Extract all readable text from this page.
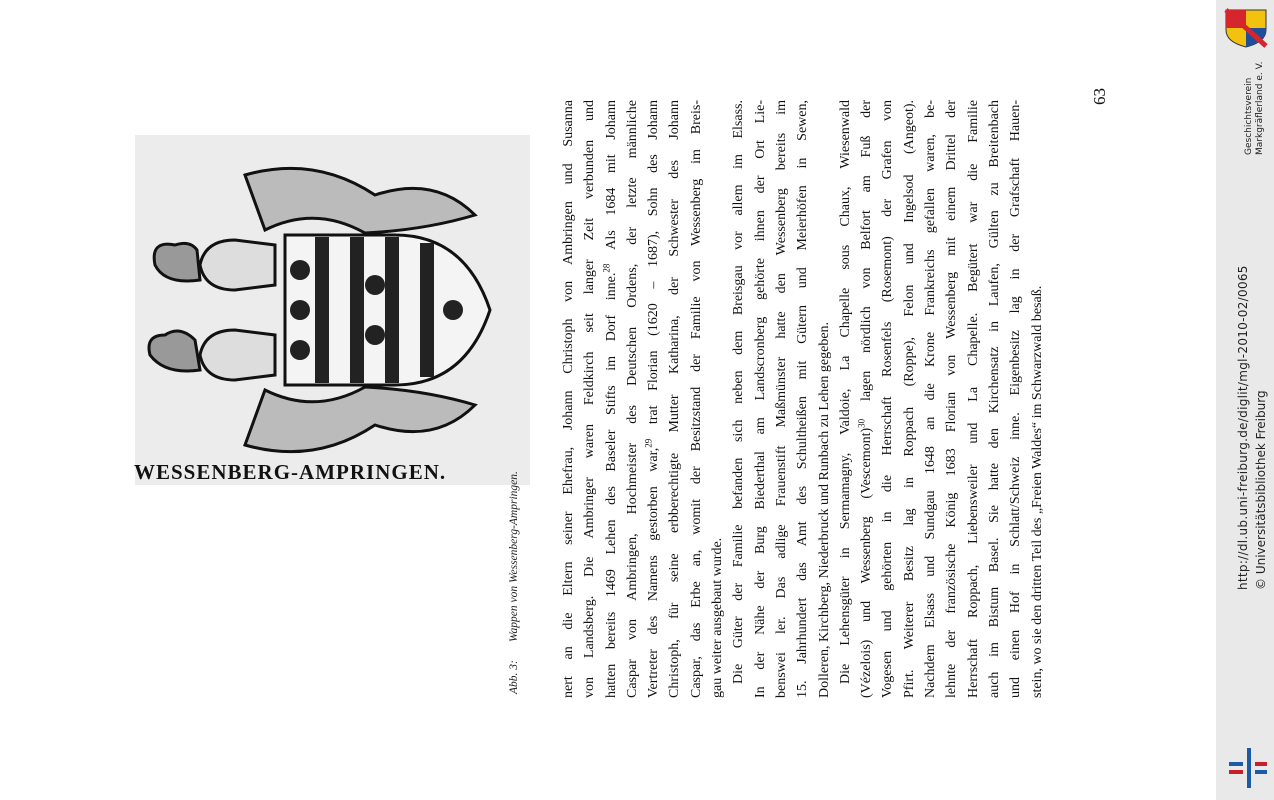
WESSENBERG-AMPRINGEN.
Abb. 3:Wappen von Wessenberg-Ampringen.	nert an die Eltern seiner Ehefrau, Johann Christoph von Ambringen und Susanna von Landsberg. Die Ambringer waren Feldkirch seit langer Zeit verbunden und hatten bereits 1469 Lehen des Baseler Stifts im Dorf inne.$^{28}$ Als 1684 mit Johann Caspar von Ambringen, Hochmeister des Deutschen Ordens, der letzte männliche Vertreter des Namens gestorben war,$^{29}$ trat Florian (1620 – 1687), Sohn des Johann Christoph, für seine erbberechtigte Mutter Katharina, der Schwester des Johann Caspar, das Erbe an, womit der Besitzstand der Familie von Wessenberg im Breis- gau weiter ausgebaut wurde. Die Güter der Familie befanden sich neben dem Breisgau vor allem im Elsass. In der Nähe der Burg Biederthal am Landscronberg gehörte ihnen der Ort Lie- benswei ler. Das adlige Frauenstift Maßmünster hatte den Wessenberg bereits im 15. Jahrhundert das Amt des Schultheißen mit Gütern und Meierhöfen in Sewen, Dolleren, Kirchberg, Niederbruck und Runbach zu Lehen gegeben. Die Lehensgüter in Sermamagny, Valdoie, La Chapelle sous Chaux, Wiesenwald (Vézelois) und Wessenberg (Vescemont)$^{30}$ lagen nördlich von Belfort am Fuß der Vogesen und gehörten in die Herrschaft Rosenfels (Rosemont) der Grafen von Pfirt. Weiterer Besitz lag in Roppach (Roppe), Felon und Ingelsod (Angeot). Nachdem Elsass und Sundgau 1648 an die Krone Frankreichs gefallen waren, be- lehnte der französische König 1683 Florian von Wessenberg mit einem Drittel der Herrschaft Roppach, Liebensweiler und La Chapelle. Begütert war die Familie auch im Bistum Basel. Sie hatte den Kirchensatz in Laufen, Gülten zu Breitenbach und einen Hof in Schlatt/Schweiz inne. Eigenbesitz lag in der Grafschaft Hauen- stein, wo sie den dritten Teil des „Freien Waldes“ im Schwarzwald besaß.
63	Geschichtsverein Markgräflerland e. V.
http://dl.ub.uni-freiburg.de/diglit/mgl-2010-02/0065 © Universitätsbibliothek Freiburg
